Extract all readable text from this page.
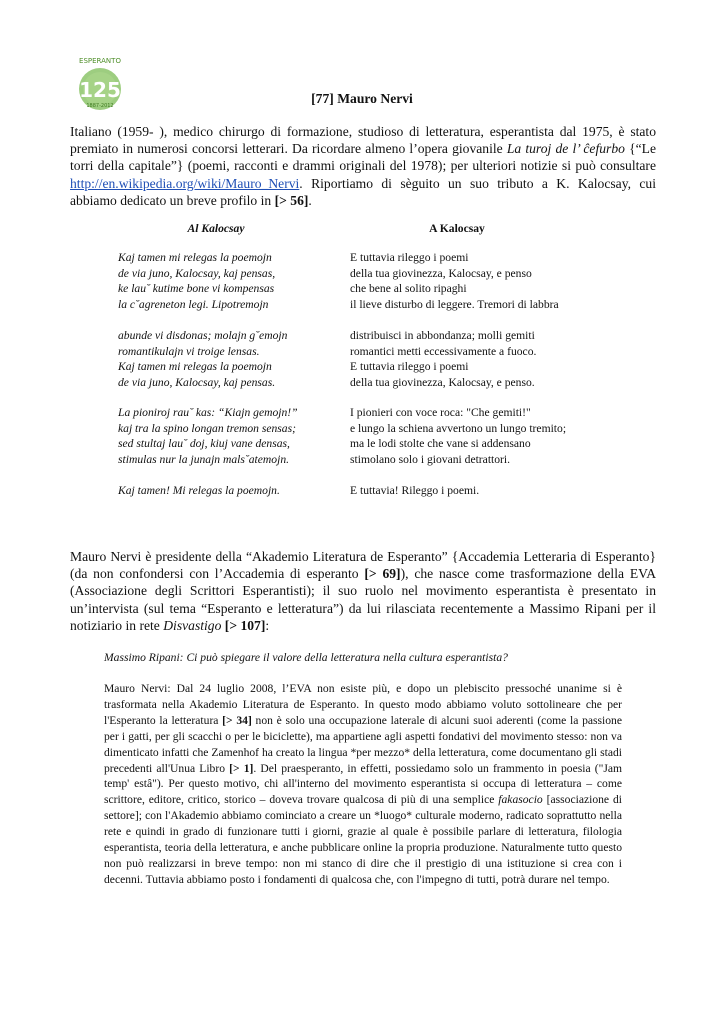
ESPERANTO
125
1887-2012	[77] Mauro Nervi

Italiano (1959- ), medico chirurgo di formazione, studioso di letteratura, esperantista dal 1975, è stato premiato in numerosi concorsi letterari. Da ricordare almeno l’opera giovanile La turoj de l’ ĉefurbo {“Le torri della capitale”} (poemi, racconti e drammi originali del 1978); per ulteriori notizie si può consultare http://en.wikipedia.org/wiki/Mauro_Nervi. Riportiamo di sèguito un suo tributo a K. Kalocsay, cui abbiamo dedicato un breve profilo in [> 56].

Al Kalocsay	A Kalocsay

Kaj tamen mi relegas la poemojn
de via juno, Kalocsay, kaj pensas,
ke lau˘ kutime bone vi kompensas
la c˘agreneton legi. Lipotremojn

abunde vi disdonas; molajn g˘emojn
romantikulajn vi troige lensas.
Kaj tamen mi relegas la poemojn
de via juno, Kalocsay, kaj pensas.

La pioniroj rau˘ kas: “Kiajn gemojn!”
kaj tra la spino longan tremon sensas;
sed stultaj lau˘ doj, kiuj vane densas,
stimulas nur la junajn mals˘atemojn.

Kaj tamen! Mi relegas la poemojn.

E tuttavia rileggo i poemi
della tua giovinezza, Kalocsay, e penso
che bene al solito ripaghi
il lieve disturbo di leggere. Tremori di labbra

distribuisci in abbondanza; molli gemiti
romantici metti eccessivamente a fuoco.
E tuttavia rileggo i poemi
della tua giovinezza, Kalocsay, e penso.

I pionieri con voce roca: "Che gemiti!"
e lungo la schiena avvertono un lungo tremito;
ma le lodi stolte che vane si addensano
stimolano solo i giovani detrattori.

E tuttavia! Rileggo i poemi.

Mauro Nervi è presidente della “Akademio Literatura de Esperanto” {Accademia Letteraria di Esperanto} (da non confondersi con l’Accademia di esperanto [> 69]), che nasce come trasformazione della EVA (Associazione degli Scrittori Esperantisti); il suo ruolo nel movimento esperantista è presentato in un’intervista (sul tema “Esperanto e letteratura”) da lui rilasciata recentemente a Massimo Ripani per il notiziario in rete Disvastigo [> 107]:

Massimo Ripani: Ci può spiegare il valore della letteratura nella cultura esperantista?

Mauro Nervi: Dal 24 luglio 2008, l’EVA non esiste più, e dopo un plebiscito pressoché unanime si è trasformata nella Akademio Literatura de Esperanto. In questo modo abbiamo voluto sottolineare che per l'Esperanto la letteratura [> 34] non è solo una occupazione laterale di alcuni suoi aderenti (come la passione per i gatti, per gli scacchi o per le biciclette), ma appartiene agli aspetti fondativi del movimento stesso: non va dimenticato infatti che Zamenhof ha creato la lingua *per mezzo* della letteratura, come documentano gli stadi precedenti all'Unua Libro [> 1]. Del praesperanto, in effetti, possiedamo solo un frammento in poesia ("Jam temp' estâ"). Per questo motivo, chi all'interno del movimento esperantista si occupa di letteratura – come scrittore, editore, critico, storico – doveva trovare qualcosa di più di una semplice fakasocio [associazione di settore]; con l'Akademio abbiamo cominciato a creare un *luogo* culturale moderno, radicato soprattutto nella rete e quindi in grado di funzionare tutti i giorni, grazie al quale è possibile parlare di letteratura, filologia esperantista, teoria della letteratura, e anche pubblicare online la propria produzione. Naturalmente tutto questo non può realizzarsi in breve tempo: non mi stanco di dire che il prestigio di una istituzione si crea con i decenni. Tuttavia abbiamo posto i fondamenti di qualcosa che, con l'impegno di tutti, potrà durare nel tempo.
